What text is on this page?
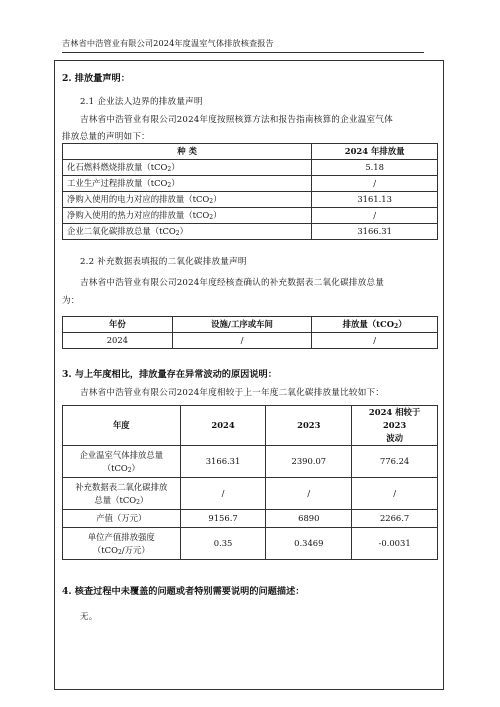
吉林省中浩管业有限公司2024年度温室气体排放核查报告
2. 排放量声明：
2.1 企业法人边界的排放量声明
吉林省中浩管业有限公司2024年度按照核算方法和报告指南核算的企业温室气体
排放总量的声明如下：
种 类	2024 年排放量
化石燃料燃烧排放量（tCO$_2$）	5.18
工业生产过程排放量（tCO$_2$）	/
净购入使用的电力对应的排放量（tCO$_2$）	3161.13
净购入使用的热力对应的排放量（tCO$_2$）	/
企业二氧化碳排放总量（tCO$_2$）	3166.31
2.2 补充数据表填报的二氧化碳排放量声明
吉林省中浩管业有限公司2024年度经核查确认的补充数据表二氧化碳排放总量
为：
年份	设施/工序或车间	排放量（tCO$_2$）
2024	/	/
3. 与上年度相比，排放量存在异常波动的原因说明：
吉林省中浩管业有限公司2024年度相较于上一年度二氧化碳排放量比较如下：
年度	2024	2023	2024 相较于 2023
波动

企业温室气体排放总量
（tCO$_2$）	3166.31	2390.07	776.24

补充数据表二氧化碳排放
总量（tCO$_2$）	/	/	/
产值（万元）	9156.7	6890	2266.7

单位产值排放强度
（tCO$_2$/万元）	0.35	0.3469	-0.0031
4. 核查过程中未覆盖的问题或者特别需要说明的问题描述：
无。
